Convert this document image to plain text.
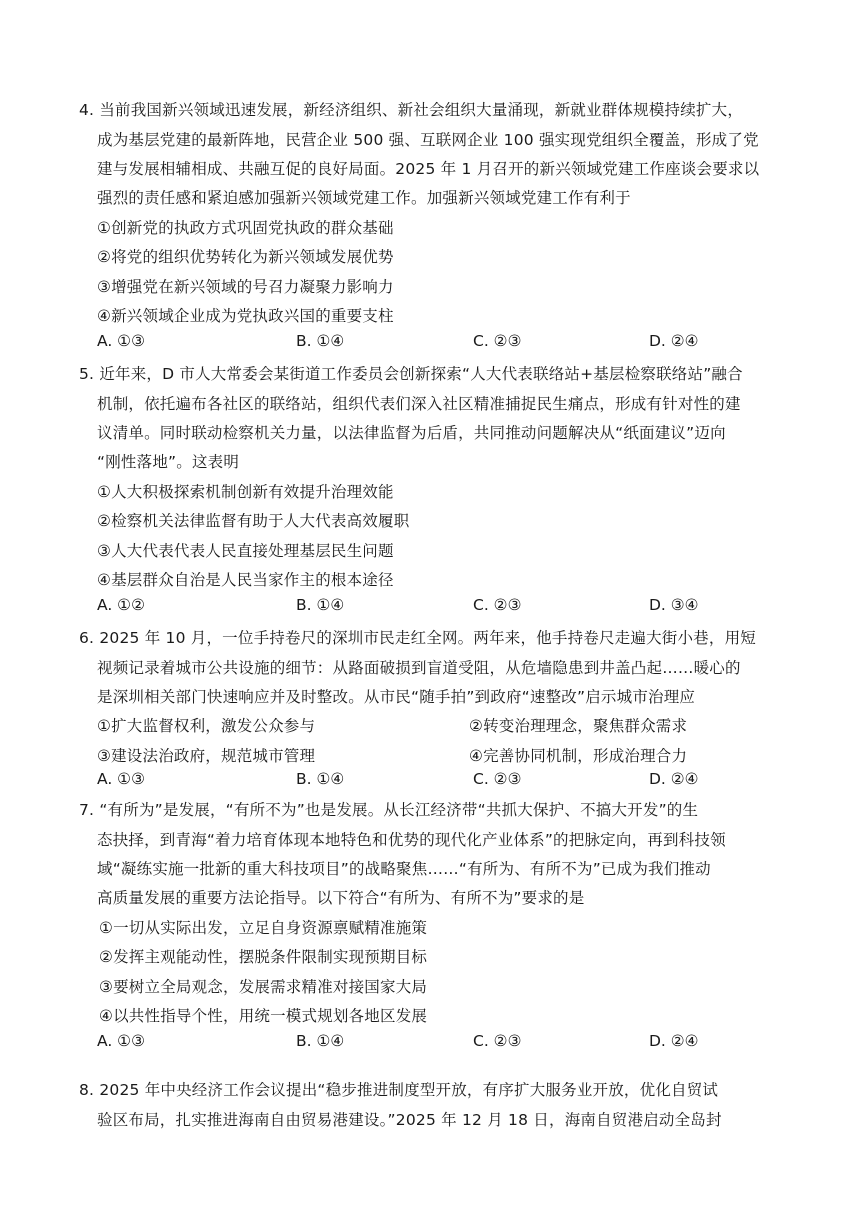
4. 当前我国新兴领域迅速发展，新经济组织、新社会组织大量涌现，新就业群体规模持续扩大，
成为基层党建的最新阵地，民营企业 500 强、互联网企业 100 强实现党组织全覆盖，形成了党
建与发展相辅相成、共融互促的良好局面。2025 年 1 月召开的新兴领域党建工作座谈会要求以
强烈的责任感和紧迫感加强新兴领域党建工作。加强新兴领域党建工作有利于
①创新党的执政方式巩固党执政的群众基础
②将党的组织优势转化为新兴领域发展优势
③增强党在新兴领域的号召力凝聚力影响力
④新兴领域企业成为党执政兴国的重要支柱
A. ①③	B. ①④	C. ②③	D. ②④
5. 近年来，D 市人大常委会某街道工作委员会创新探索“人大代表联络站+基层检察联络站”融合
机制，依托遍布各社区的联络站，组织代表们深入社区精准捕捉民生痛点，形成有针对性的建
议清单。同时联动检察机关力量，以法律监督为后盾，共同推动问题解决从“纸面建议”迈向
“刚性落地”。这表明
①人大积极探索机制创新有效提升治理效能
②检察机关法律监督有助于人大代表高效履职
③人大代表代表人民直接处理基层民生问题
④基层群众自治是人民当家作主的根本途径
A. ①②	B. ①④	C. ②③	D. ③④
6. 2025 年 10 月，一位手持卷尺的深圳市民走红全网。两年来，他手持卷尺走遍大街小巷，用短
视频记录着城市公共设施的细节：从路面破损到盲道受阻，从危墙隐患到井盖凸起……暖心的
是深圳相关部门快速响应并及时整改。从市民“随手拍”到政府“速整改”启示城市治理应
①扩大监督权利，激发公众参与	②转变治理理念，聚焦群众需求
③建设法治政府，规范城市管理	④完善协同机制，形成治理合力
A. ①③	B. ①④	C. ②③	D. ②④
7. “有所为”是发展，“有所不为”也是发展。从长江经济带“共抓大保护、不搞大开发”的生
态抉择，到青海“着力培育体现本地特色和优势的现代化产业体系”的把脉定向，再到科技领
域“凝练实施一批新的重大科技项目”的战略聚焦……“有所为、有所不为”已成为我们推动
高质量发展的重要方法论指导。以下符合“有所为、有所不为”要求的是
①一切从实际出发，立足自身资源禀赋精准施策
②发挥主观能动性，摆脱条件限制实现预期目标
③要树立全局观念，发展需求精准对接国家大局
④以共性指导个性，用统一模式规划各地区发展
A. ①③	B. ①④	C. ②③	D. ②④
8. 2025 年中央经济工作会议提出“稳步推进制度型开放，有序扩大服务业开放，优化自贸试
验区布局，扎实推进海南自由贸易港建设。”2025 年 12 月 18 日，海南自贸港启动全岛封
